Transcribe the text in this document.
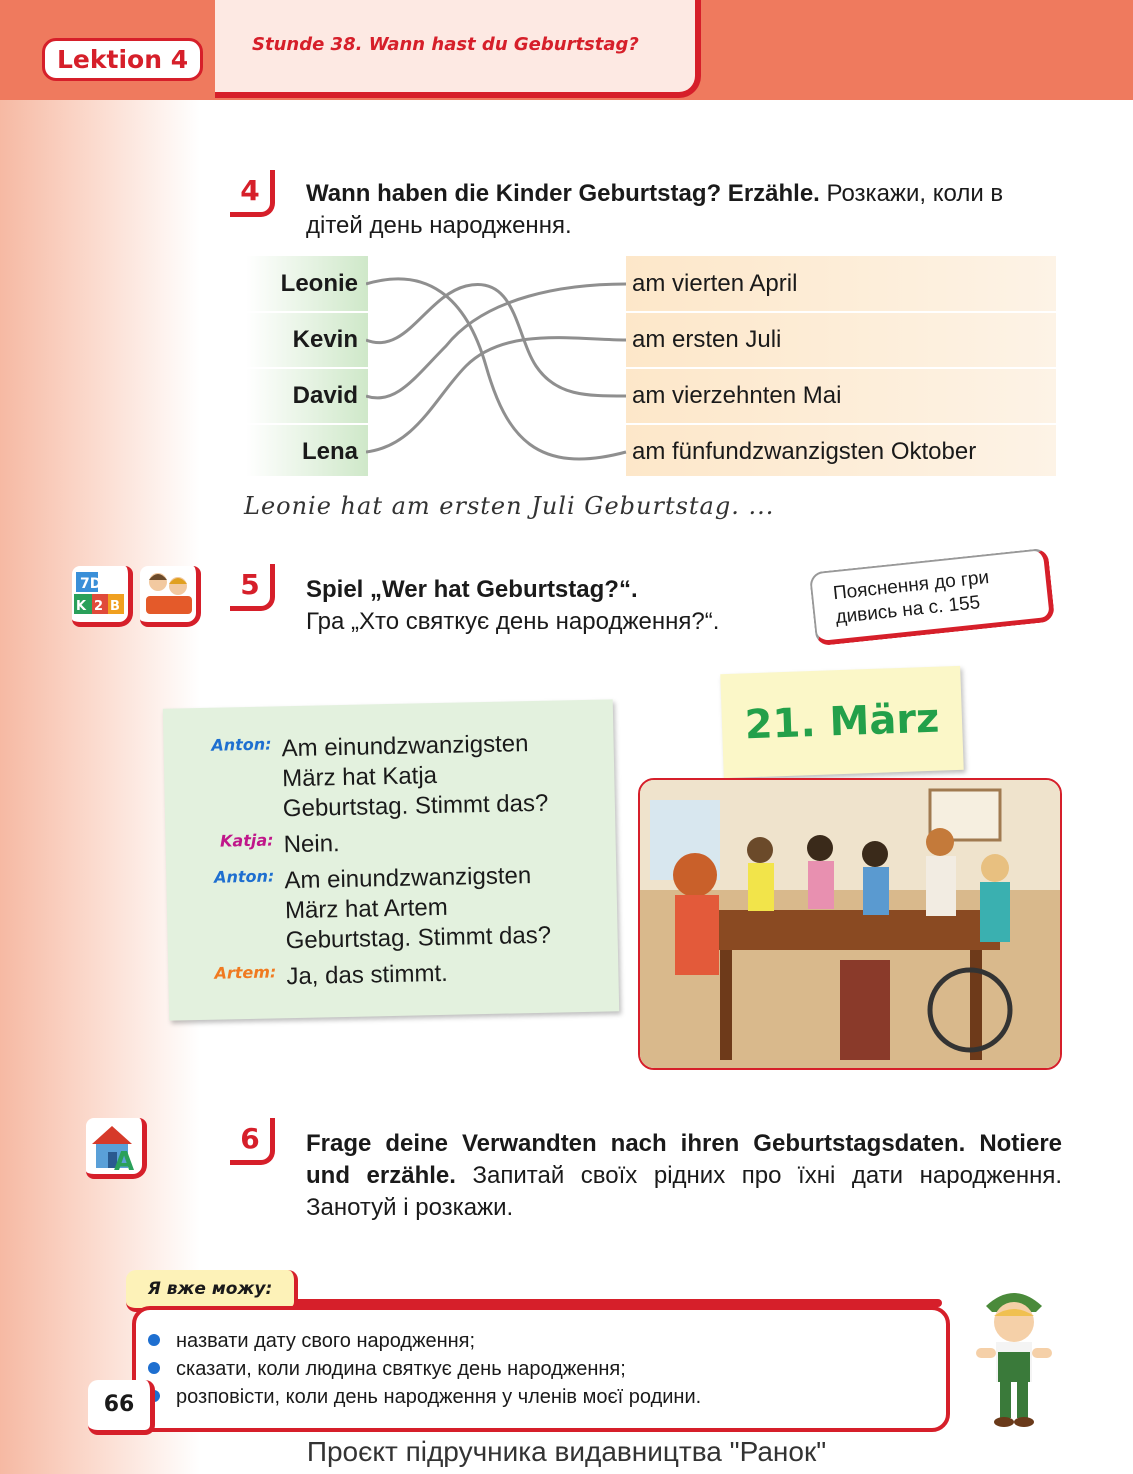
Lektion 4
Stunde 38. Wann hast du Geburtstag?
4	Wann haben die Kinder Geburtstag? Erzähle. Розкажи, коли в дітей день народження.
Leonie
Kevin
David
Lena
am vierten April
am ersten Juli
am vierzehnten Mai
am fünfundzwanzigsten Oktober
Leonie hat am ersten Juli Geburtstag. ...
7D
K 2 B
5	Spiel „Wer hat Geburtstag?“.
Гра „Хто святкує день народження?“.
Пояснення до гри дивись на с. 155
Anton: Am einundzwanzigsten
März hat Katja
Geburtstag. Stimmt das?
Katja: Nein.
Anton: Am einundzwanzigsten
März hat Artem
Geburtstag. Stimmt das?
Artem: Ja, das stimmt.
21. März
A
6	Frage deine Verwandten nach ihren Geburtstagsdaten. Notiere und erzähle. Запитай своїх рідних про їхні дати народження. Занотуй і розкажи.
Я вже можу:
назвати дату свого народження;
сказати, коли людина святкує день народження;
розповісти, коли день народження у членів моєї родини.
66
Проєкт підручника видавництва "Ранок"
